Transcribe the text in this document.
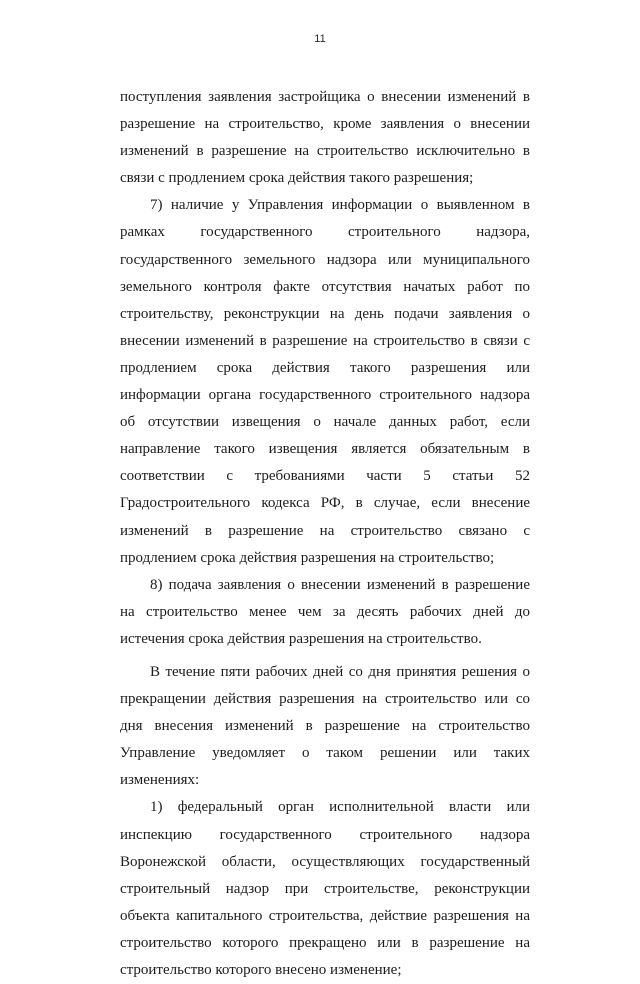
11

поступления заявления застройщика о внесении изменений в разрешение на строительство, кроме заявления о внесении изменений в разрешение на строительство исключительно в связи с продлением срока действия такого разрешения;

7) наличие у Управления информации о выявленном в рамках государственного строительного надзора, государственного земельного надзора или муниципального земельного контроля факте отсутствия начатых работ по строительству, реконструкции на день подачи заявления о внесении изменений в разрешение на строительство в связи с продлением срока действия такого разрешения или информации органа государственного строительного надзора об отсутствии извещения о начале данных работ, если направление такого извещения является обязательным в соответствии с требованиями части 5 статьи 52 Градостроительного кодекса РФ, в случае, если внесение изменений в разрешение на строительство связано с продлением срока действия разрешения на строительство;

8) подача заявления о внесении изменений в разрешение на строительство менее чем за десять рабочих дней до истечения срока действия разрешения на строительство.

В течение пяти рабочих дней со дня принятия решения о прекращении действия разрешения на строительство или со дня внесения изменений в разрешение на строительство Управление уведомляет о таком решении или таких изменениях:

1) федеральный орган исполнительной власти или инспекцию государственного строительного надзора Воронежской области, осуществляющих государственный строительный надзор при строительстве, реконструкции объекта капитального строительства, действие разрешения на строительство которого прекращено или в разрешение на строительство которого внесено изменение;
